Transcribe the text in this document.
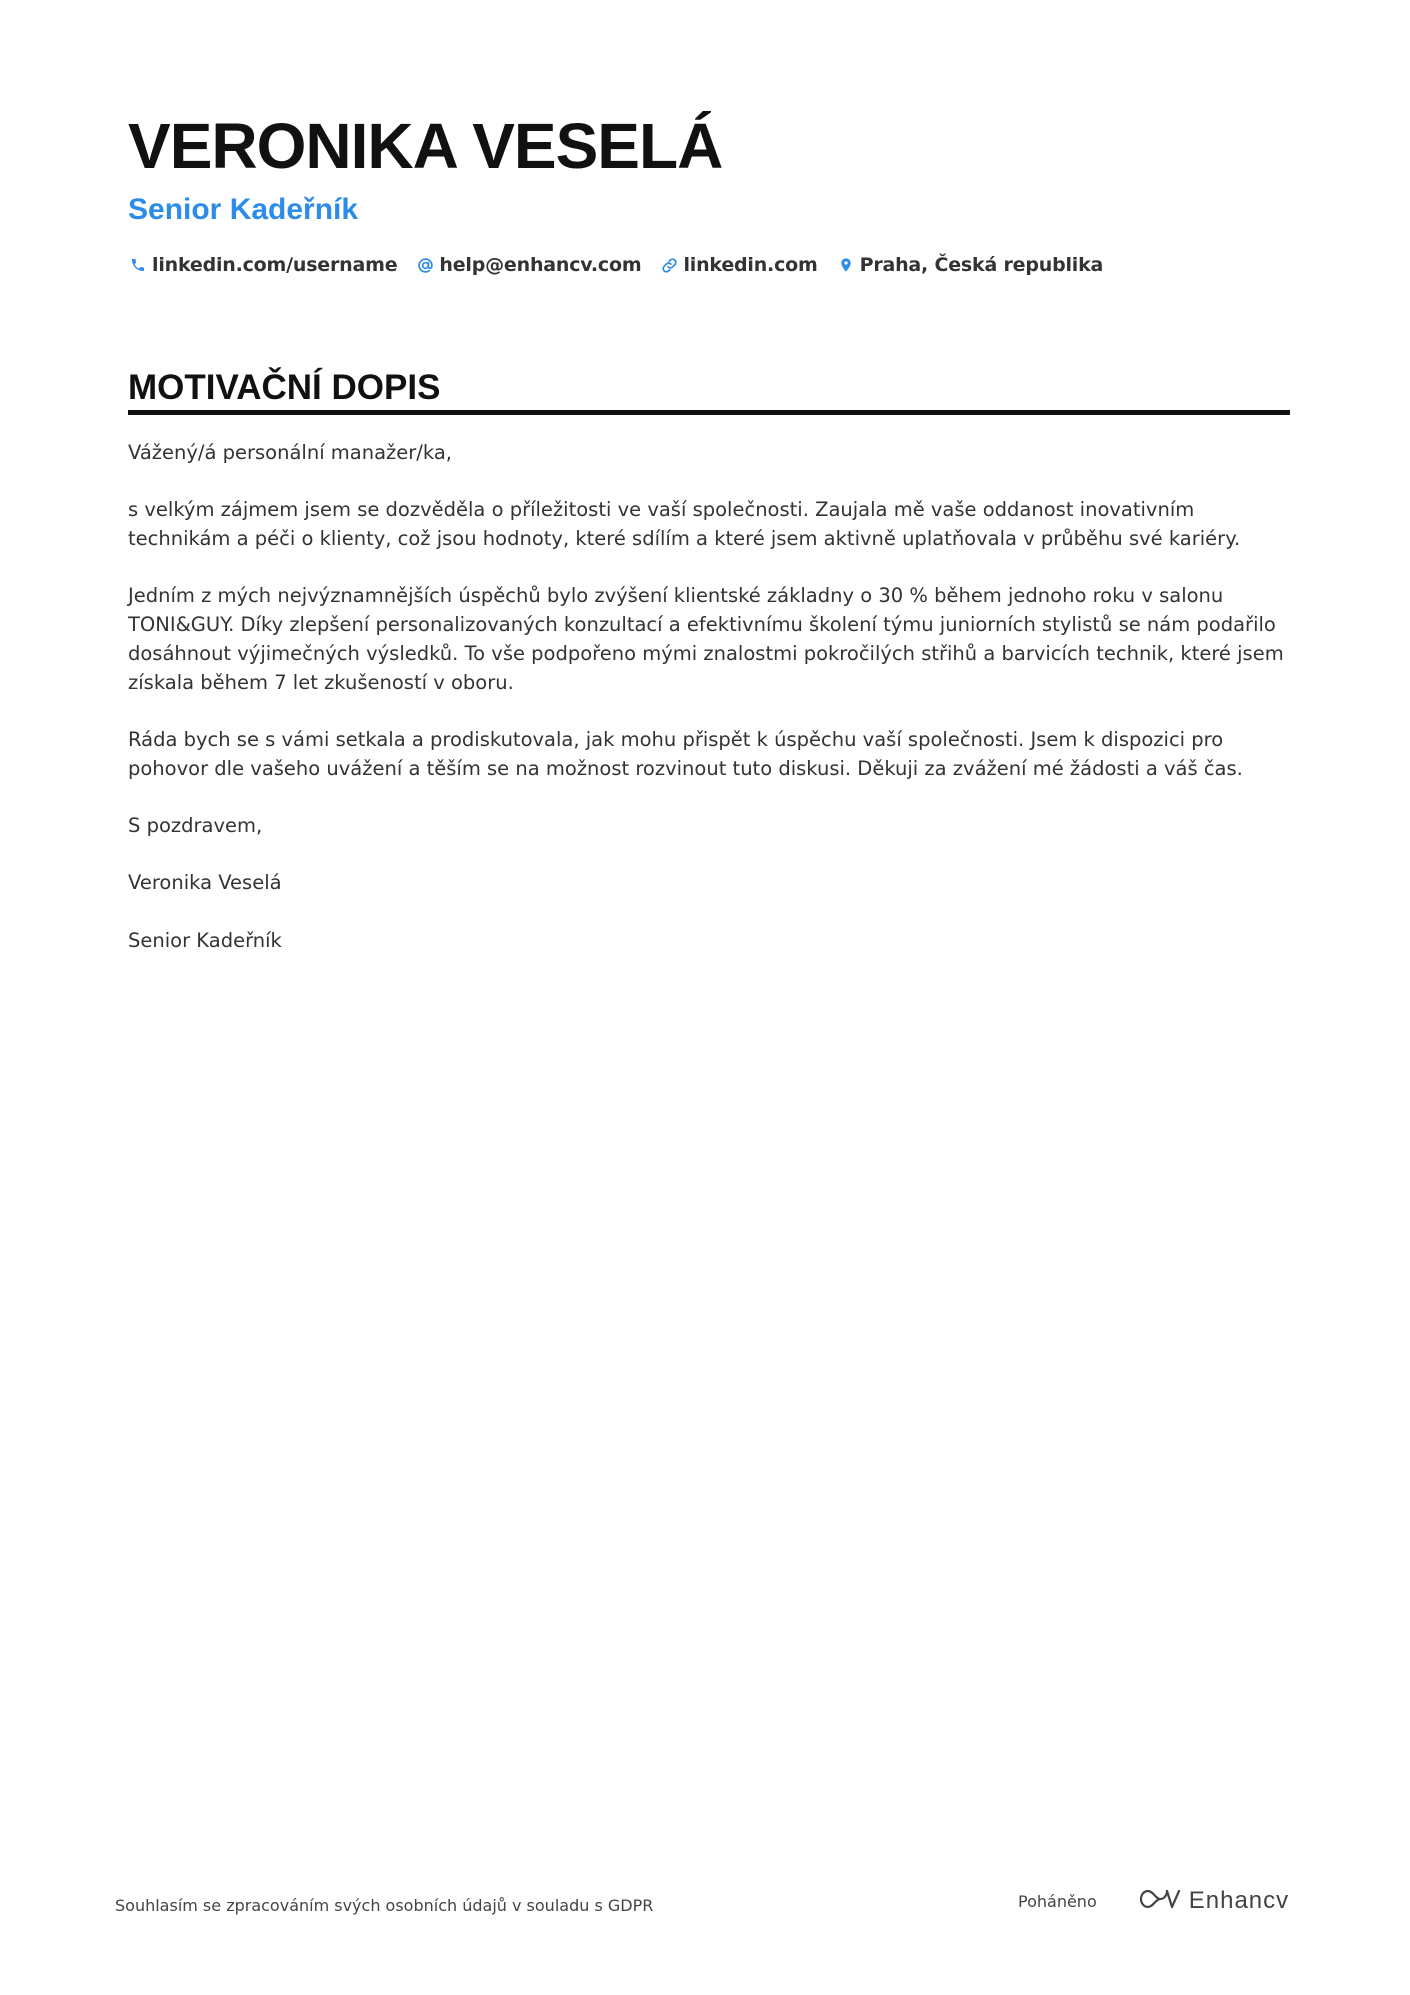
VERONIKA VESELÁ
Senior Kadeřník
linkedin.com/username help@enhancv.com linkedin.com Praha, Česká republika
MOTIVAČNÍ DOPIS

Vážený/á personální manažer/ka,

s velkým zájmem jsem se dozvěděla o příležitosti ve vaší společnosti. Zaujala mě vaše oddanost inovativním technikám a péči o klienty, což jsou hodnoty, které sdílím a které jsem aktivně uplatňovala v průběhu své kariéry.

Jedním z mých nejvýznamnějších úspěchů bylo zvýšení klientské základny o 30 % během jednoho roku v salonu TONI&GUY. Díky zlepšení personalizovaných konzultací a efektivnímu školení týmu juniorních stylistů se nám podařilo dosáhnout výjimečných výsledků. To vše podpořeno mými znalostmi pokročilých střihů a barvicích technik, které jsem získala během 7 let zkušeností v oboru.

Ráda bych se s vámi setkala a prodiskutovala, jak mohu přispět k úspěchu vaší společnosti. Jsem k dispozici pro pohovor dle vašeho uvážení a těším se na možnost rozvinout tuto diskusi. Děkuji za zvážení mé žádosti a váš čas.

S pozdravem,

Veronika Veselá

Senior Kadeřník

Souhlasím se zpracováním svých osobních údajů v souladu s GDPR	Poháněno	Enhancv
